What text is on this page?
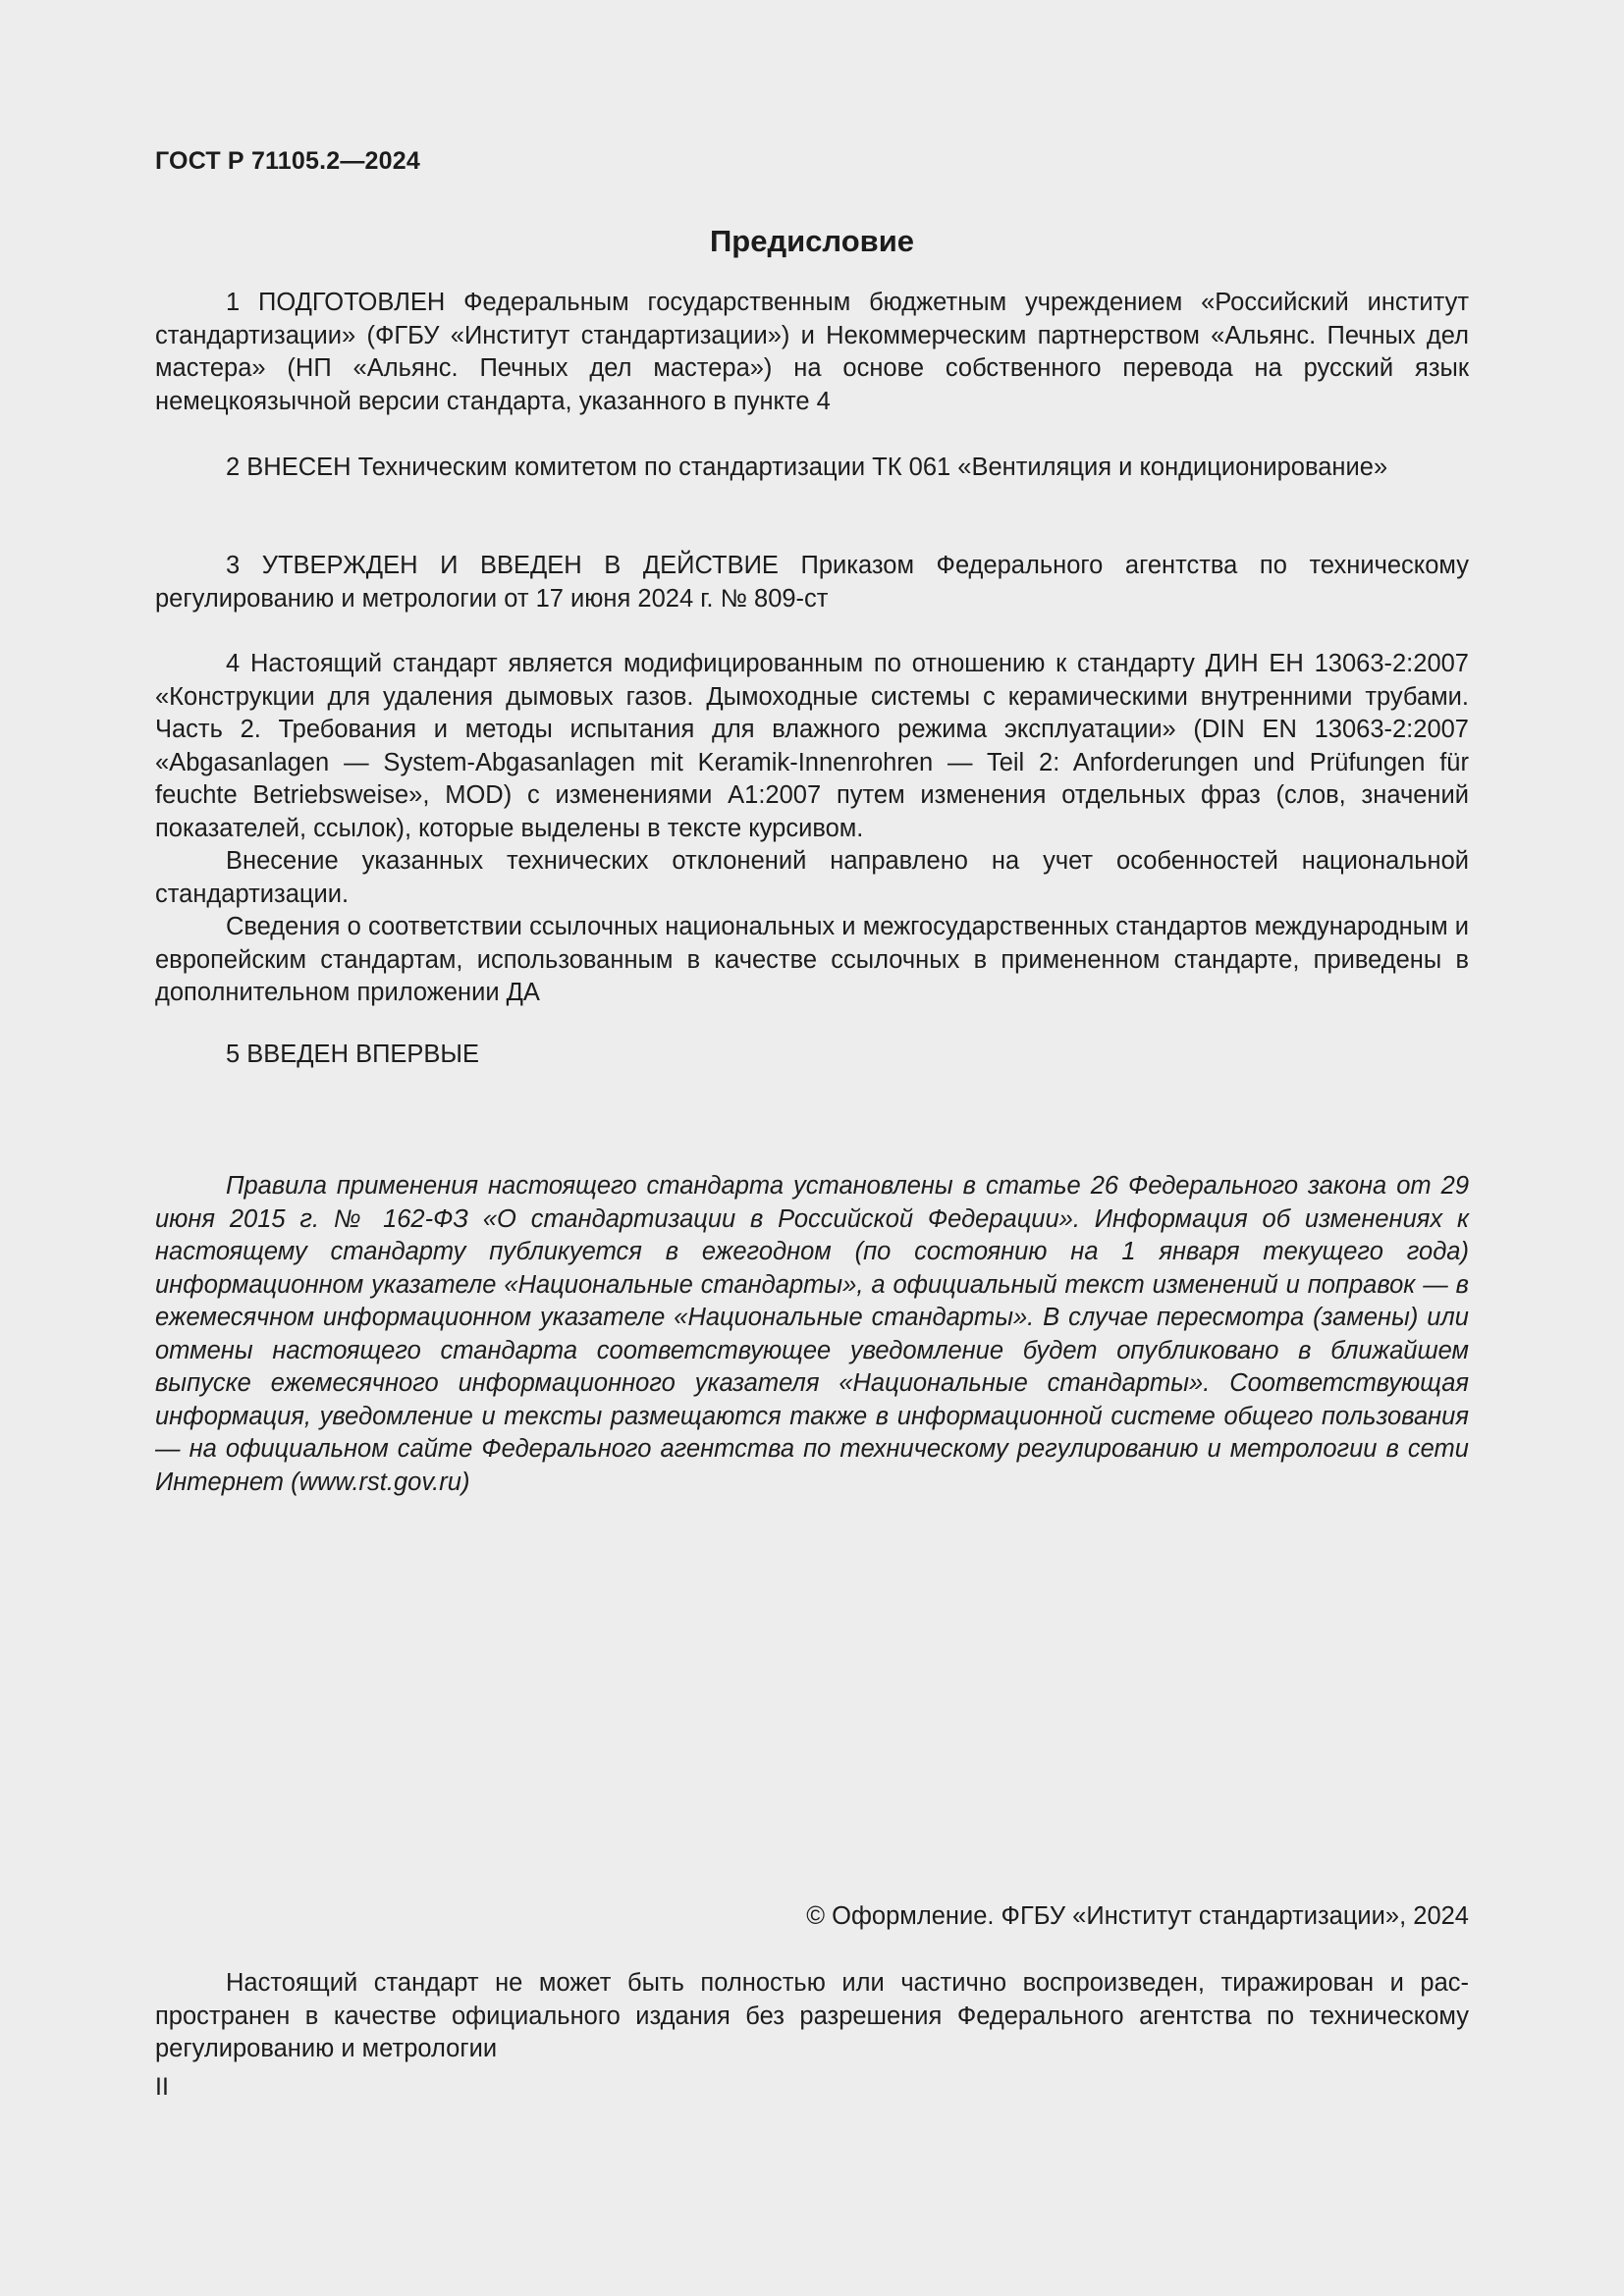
ГОСТ Р 71105.2—2024
Предисловие

1 ПОДГОТОВЛЕН Федеральным государственным бюджетным учреждением «Российский институт стандартизации» (ФГБУ «Институт стандартизации») и Некоммерческим партнерством «Альянс. Печных дел мастера» (НП «Альянс. Печных дел мастера») на основе собственного перевода на русский язык немецкоязычной версии стандарта, указанного в пункте 4

2 ВНЕСЕН Техническим комитетом по стандартизации ТК 061 «Вентиляция и кондиционирование»

3 УТВЕРЖДЕН И ВВЕДЕН В ДЕЙСТВИЕ Приказом Федерального агентства по техническому регулированию и метрологии от 17 июня 2024 г. № 809-ст

4 Настоящий стандарт является модифицированным по отношению к стандарту ДИН ЕН 13063-2:2007 «Конструкции для удаления дымовых газов. Дымоходные системы с керамическими внутренними трубами. Часть 2. Требования и методы испытания для влажного режима эксплуатации» (DIN EN 13063-2:2007 «Abgasanlagen — System-Abgasanlagen mit Keramik-Innenrohren — Teil 2: Anforderungen und Prüfungen für feuchte Betriebsweise», MOD) с изменениями А1:2007 путем изменения отдельных фраз (слов, значений показателей, ссылок), которые выделены в тексте курсивом.

Внесение указанных технических отклонений направлено на учет особенностей национальной стандартизации.

Сведения о соответствии ссылочных национальных и межгосударственных стандартов международным и европейским стандартам, использованным в качестве ссылочных в примененном стандарте, приведены в дополнительном приложении ДА

5 ВВЕДЕН ВПЕРВЫЕ

Правила применения настоящего стандарта установлены в статье 26 Федерального закона от 29 июня 2015 г. № 162-ФЗ «О стандартизации в Российской Федерации». Информация об изменениях к настоящему стандарту публикуется в ежегодном (по состоянию на 1 января текущего года) информационном указателе «Национальные стандарты», а официальный текст изменений и поправок — в ежемесячном информационном указателе «Национальные стандарты». В случае пересмотра (замены) или отмены настоящего стандарта соответствующее уведомление будет опубликовано в ближайшем выпуске ежемесячного информационного указателя «Национальные стандарты». Соответствующая информация, уведомление и тексты размещаются также в информационной системе общего пользования — на официальном сайте Федерального агентства по техническому регулированию и метрологии в сети Интернет (www.rst.gov.ru)

© Оформление. ФГБУ «Институт стандартизации», 2024

Настоящий стандарт не может быть полностью или частично воспроизведен, тиражирован и распространен в качестве официального издания без разрешения Федерального агентства по техническому регулированию и метрологии

II
